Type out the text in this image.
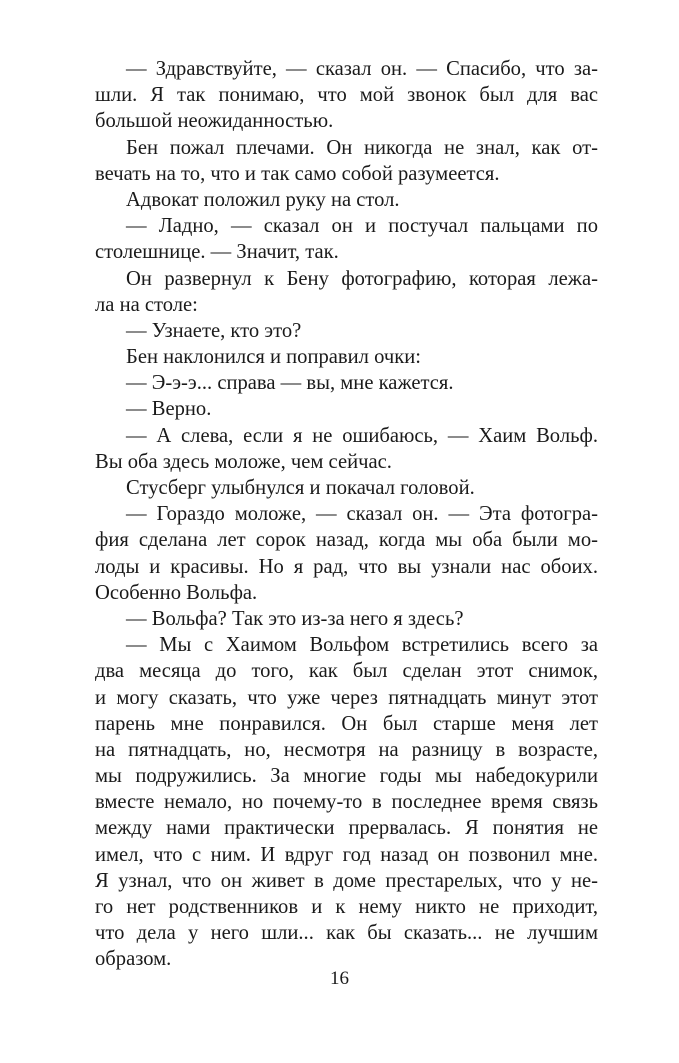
— Здравствуйте, — сказал он. — Спасибо, что за-
шли. Я так понимаю, что мой звонок был для вас
большой неожиданностью.
Бен пожал плечами. Он никогда не знал, как от-
вечать на то, что и так само собой разумеется.
Адвокат положил руку на стол.
— Ладно, — сказал он и постучал пальцами по
столешнице. — Значит, так.
Он развернул к Бену фотографию, которая лежа-
ла на столе:
— Узнаете, кто это?
Бен наклонился и поправил очки:
— Э-э-э... справа — вы, мне кажется.
— Верно.
— А слева, если я не ошибаюсь, — Хаим Вольф.
Вы оба здесь моложе, чем сейчас.
Стусберг улыбнулся и покачал головой.
— Гораздо моложе, — сказал он. — Эта фотогра-
фия сделана лет сорок назад, когда мы оба были мо-
лоды и красивы. Но я рад, что вы узнали нас обоих.
Особенно Вольфа.
— Вольфа? Так это из-за него я здесь?
— Мы с Хаимом Вольфом встретились всего за
два месяца до того, как был сделан этот снимок,
и могу сказать, что уже через пятнадцать минут этот
парень мне понравился. Он был старше меня лет
на пятнадцать, но, несмотря на разницу в возрасте,
мы подружились. За многие годы мы набедокурили
вместе немало, но почему-то в последнее время связь
между нами практически прервалась. Я понятия не
имел, что с ним. И вдруг год назад он позвонил мне.
Я узнал, что он живет в доме престарелых, что у не-
го нет родственников и к нему никто не приходит,
что дела у него шли... как бы сказать... не лучшим
образом.
16
